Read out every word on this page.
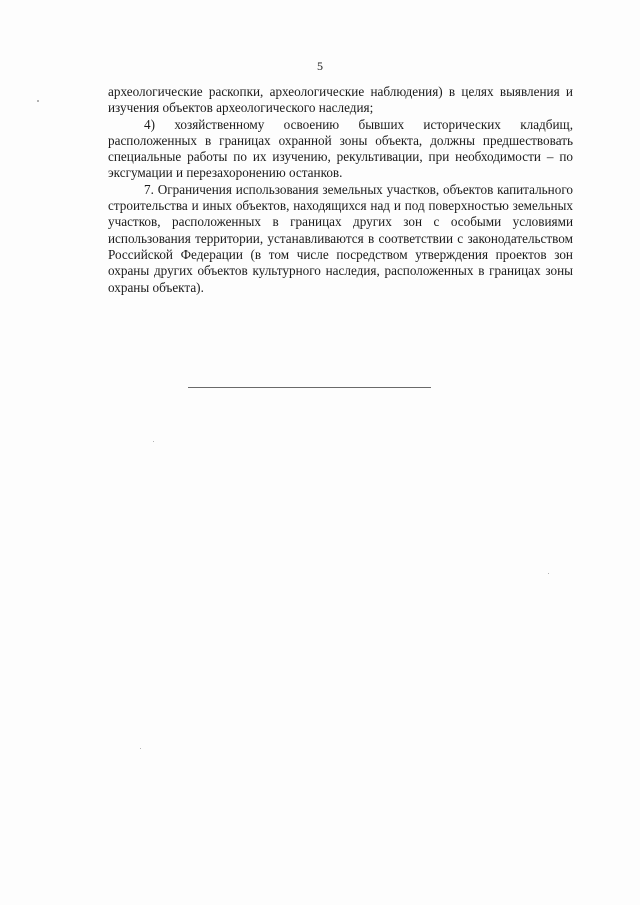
5

археологические раскопки, археологические наблюдения) в целях выявления и изучения объектов археологического наследия;

4) хозяйственному освоению бывших исторических кладбищ, расположенных в границах охранной зоны объекта, должны предшествовать специальные работы по их изучению, рекультивации, при необходимости – по эксгумации и перезахоронению останков.

7. Ограничения использования земельных участков, объектов капитального строительства и иных объектов, находящихся над и под поверхностью земельных участков, расположенных в границах других зон с особыми условиями использования территории, устанавливаются в соответствии с законодательством Российской Федерации (в том числе посредством утверждения проектов зон охраны других объектов культурного наследия, расположенных в границах зоны охраны объекта).
